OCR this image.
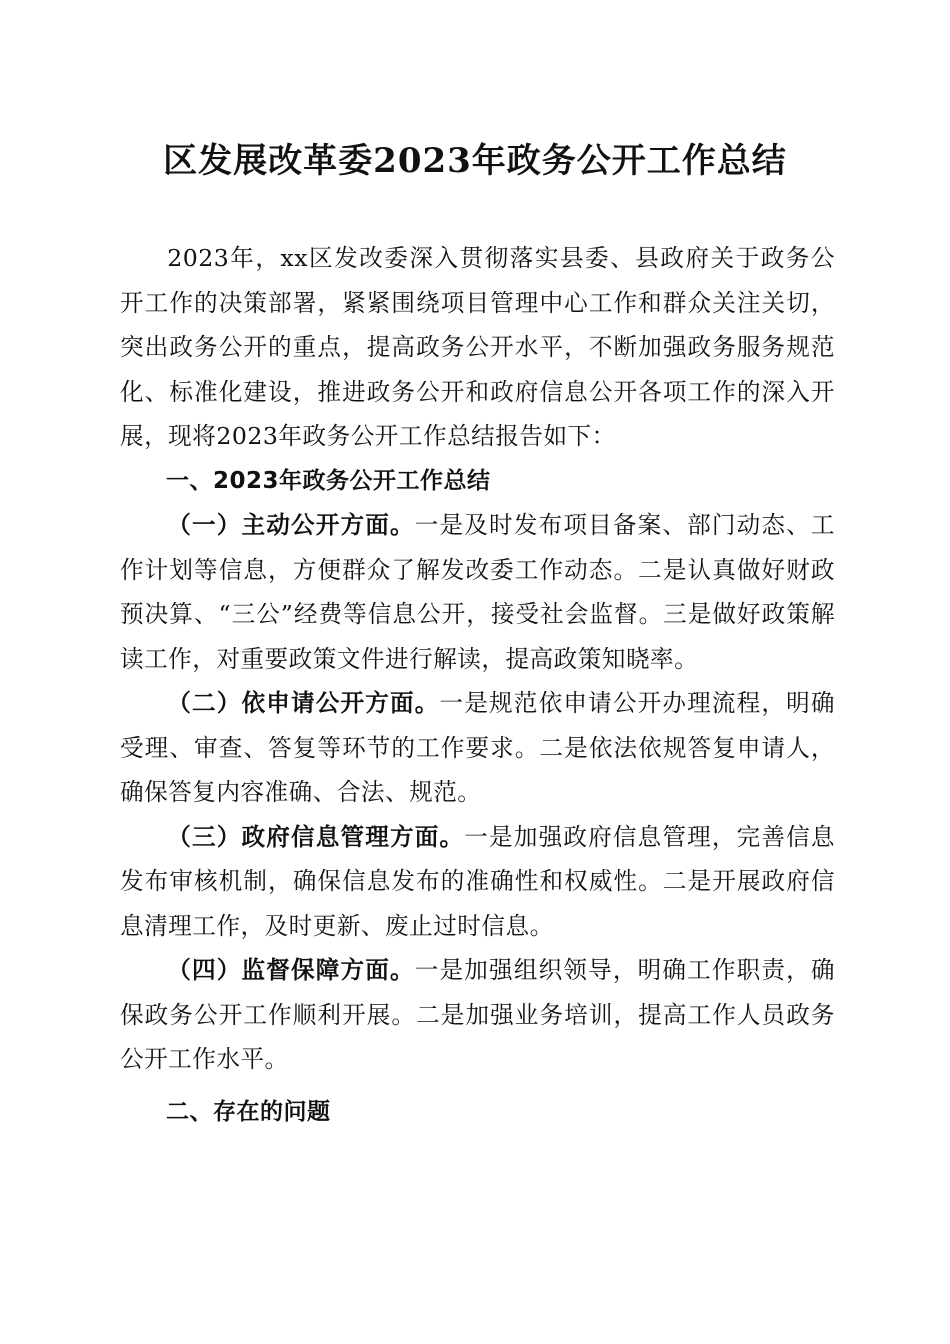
区发展改革委2023年政务公开工作总结

2023年，xx区发改委深入贯彻落实县委、县政府关于政务公开工作的决策部署，紧紧围绕项目管理中心工作和群众关注关切，突出政务公开的重点，提高政务公开水平，不断加强政务服务规范化、标准化建设，推进政务公开和政府信息公开各项工作的深入开展，现将2023年政务公开工作总结报告如下：

一、2023年政务公开工作总结

（一）主动公开方面。一是及时发布项目备案、部门动态、工作计划等信息，方便群众了解发改委工作动态。二是认真做好财政预决算、“三公”经费等信息公开，接受社会监督。三是做好政策解读工作，对重要政策文件进行解读，提高政策知晓率。

（二）依申请公开方面。一是规范依申请公开办理流程，明确受理、审查、答复等环节的工作要求。二是依法依规答复申请人，确保答复内容准确、合法、规范。

（三）政府信息管理方面。一是加强政府信息管理，完善信息发布审核机制，确保信息发布的准确性和权威性。二是开展政府信息清理工作，及时更新、废止过时信息。

（四）监督保障方面。一是加强组织领导，明确工作职责，确保政务公开工作顺利开展。二是加强业务培训，提高工作人员政务公开工作水平。

二、存在的问题
